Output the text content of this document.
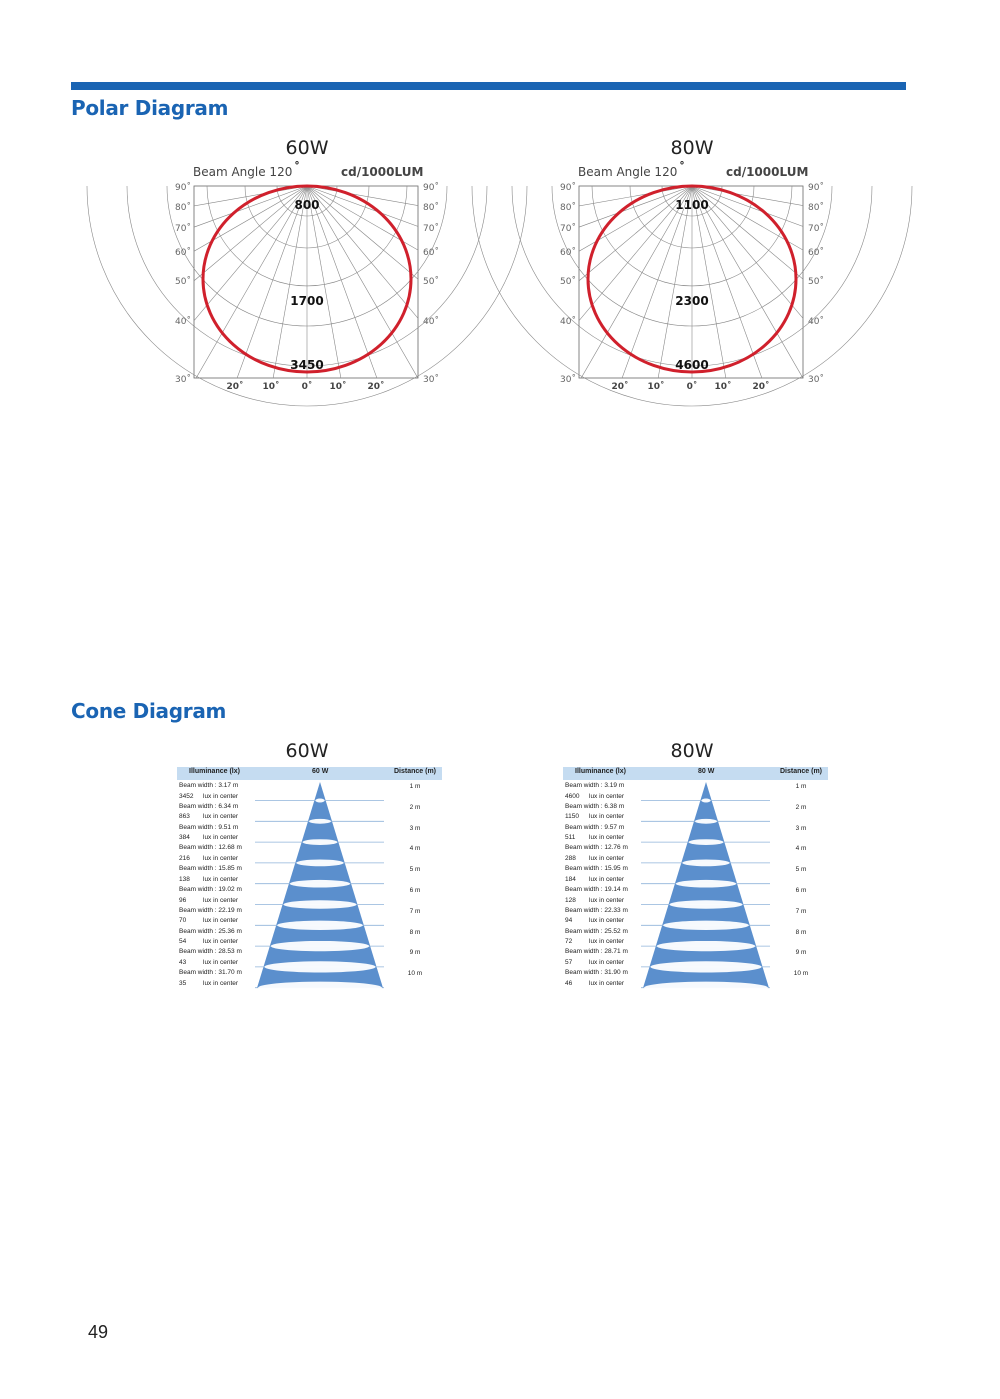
Polar Diagram
60W
Beam Angle 120 ˚	cd/1000LUM
800
1700
3450
90˚
80˚
70˚
60˚
50˚
40˚
30˚
90˚
80˚
70˚
60˚
50˚
40˚
30˚
20˚ 10˚ 0˚ 10˚ 20˚
80W
Beam Angle 120 ˚	cd/1000LUM
1100
2300
4600
90˚
80˚
70˚
60˚
50˚
40˚
30˚
90˚
80˚
70˚
60˚
50˚
40˚
30˚
20˚ 10˚ 0˚ 10˚ 20˚
Cone Diagram
60W
Illuminance (lx)	60 W	Distance (m)
Beam width : 3.17 m
3452 lux in center
1 m
Beam width : 6.34 m
863 lux in center
2 m
Beam width : 9.51 m
384 lux in center
3 m
Beam width : 12.68 m
216 lux in center
4 m
Beam width : 15.85 m
138 lux in center
5 m
Beam width : 19.02 m
96	lux in center
6 m
Beam width : 22.19 m
70	lux in center
7 m
Beam width : 25.36 m
54	lux in center
8 m
Beam width : 28.53 m
43	lux in center
9 m
Beam width : 31.70 m
35	lux in center
10 m
80W
Illuminance (lx)	80 W	Distance (m)
Beam width : 3.19 m
4600 lux in center
1 m
Beam width : 6.38 m
1150 lux in center
2 m
Beam width : 9.57 m
511 lux in center
3 m
Beam width : 12.76 m
288 lux in center
4 m
Beam width : 15.95 m
184 lux in center
5 m
Beam width : 19.14 m
128 lux in center
6 m
Beam width : 22.33 m
94	lux in center
7 m
Beam width : 25.52 m
72	lux in center
8 m
Beam width : 28.71 m
57	lux in center
9 m
Beam width : 31.90 m
46	lux in center
10 m
49
